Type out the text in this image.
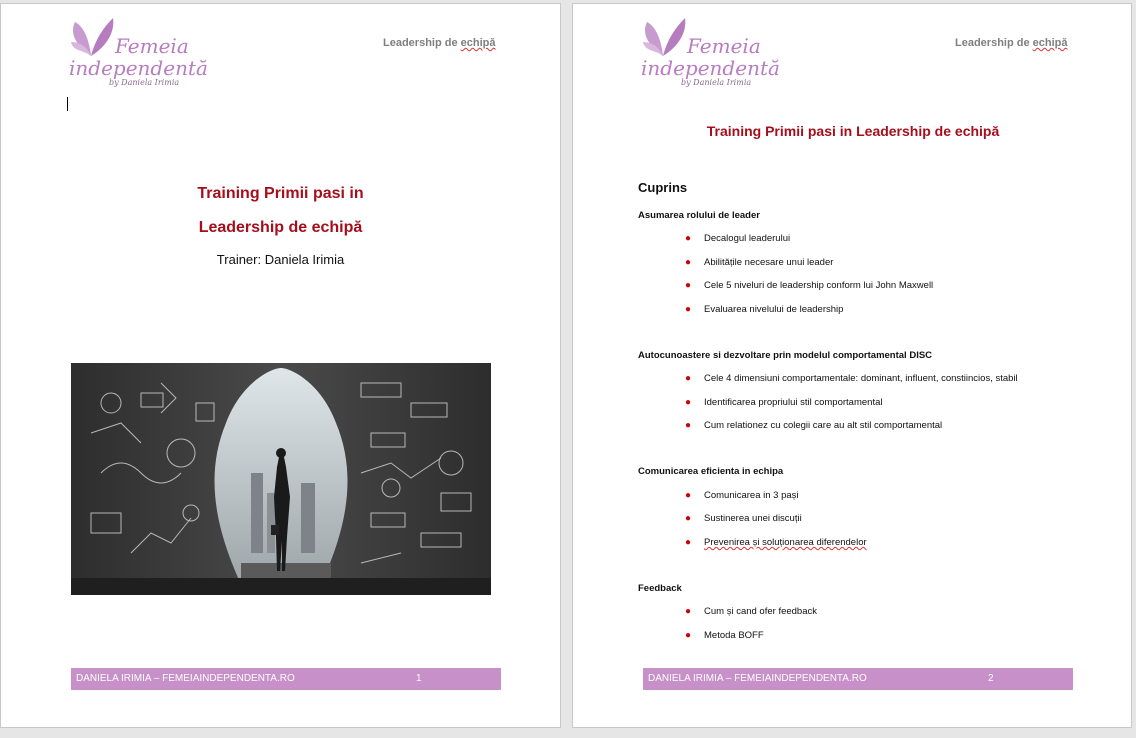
Femeia
independentă
by Daniela Irimia
Leadership de echipă
Training Primii pasi in
Leadership de echipă
Trainer: Daniela Irimia
DANIELA IRIMIA – FEMEIAINDEPENDENTA.RO	1
Femeia
independentă
by Daniela Irimia
Leadership de echipă
Training Primii pasi in Leadership de echipă
Cuprins
Asumarea rolului de leader
● Decalogul leaderului
● Abilitățile necesare unui leader
● Cele 5 niveluri de leadership conform lui John Maxwell
● Evaluarea nivelului de leadership
Autocunoastere si dezvoltare prin modelul comportamental DISC
● Cele 4 dimensiuni comportamentale: dominant, influent, constiincios, stabil
● Identificarea propriului stil comportamental
● Cum relationez cu colegii care au alt stil comportamental
Comunicarea eficienta in echipa
● Comunicarea in 3 pași
● Sustinerea unei discuții
● Prevenirea și soluționarea diferendelor
Feedback
● Cum și cand ofer feedback
● Metoda BOFF
DANIELA IRIMIA – FEMEIAINDEPENDENTA.RO	2
